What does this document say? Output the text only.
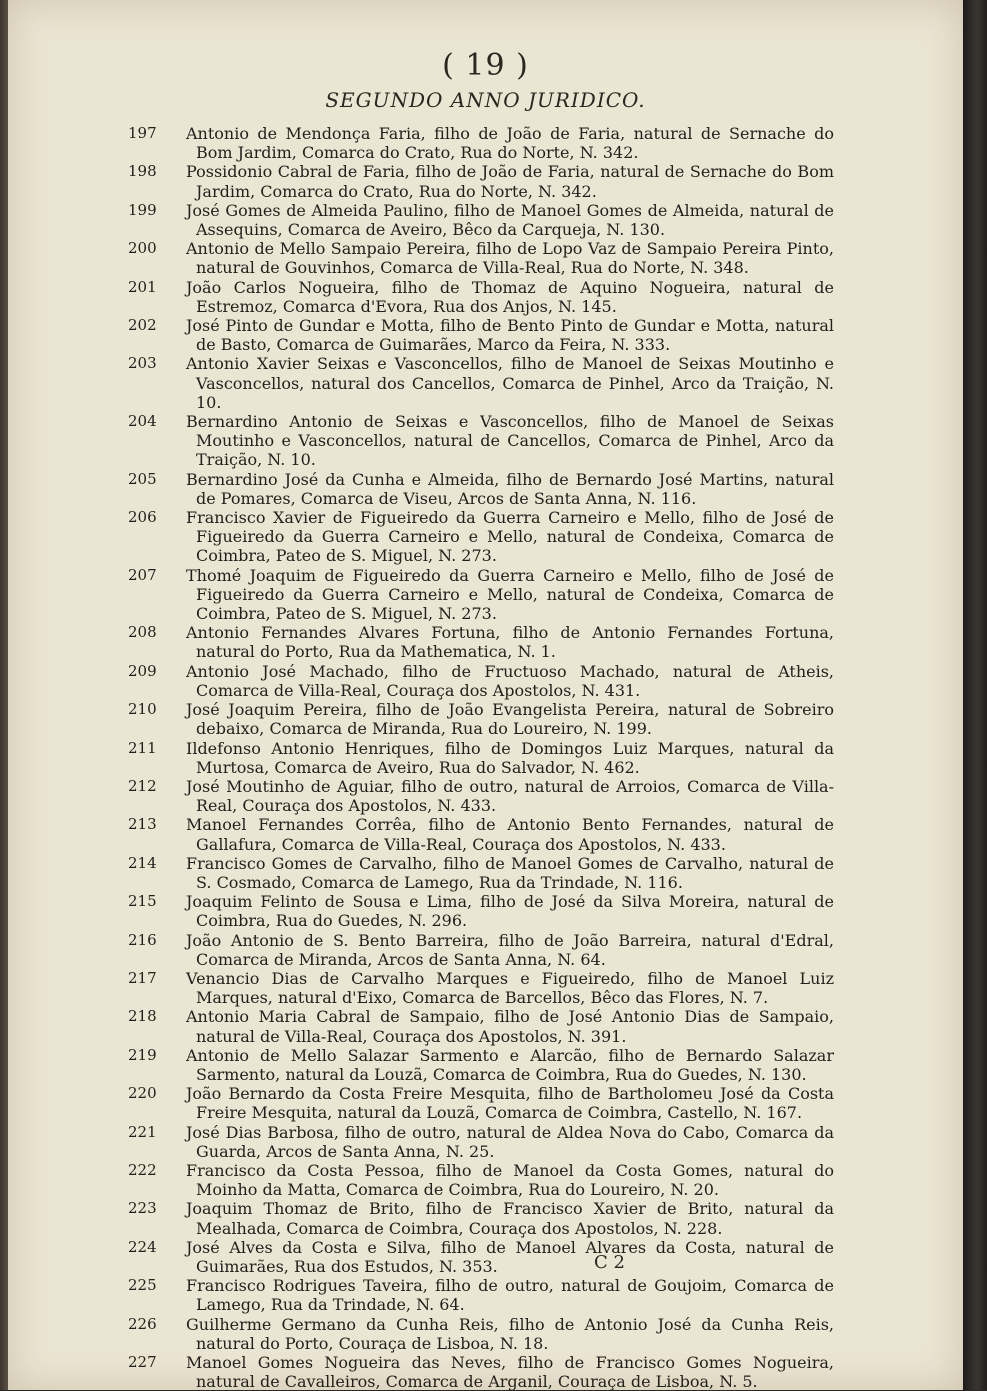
( 19 )
SEGUNDO ANNO JURIDICO.
197	Antonio de Mendonça Faria, filho de João de Faria, natural de Sernache do Bom Jardim, Comarca do Crato, Rua do Norte, N. 342.
198	Possidonio Cabral de Faria, filho de João de Faria, natural de Sernache do Bom Jardim, Comarca do Crato, Rua do Norte, N. 342.
199	José Gomes de Almeida Paulino, filho de Manoel Gomes de Almeida, natural de Assequins, Comarca de Aveiro, Bêco da Carqueja, N. 130.
200	Antonio de Mello Sampaio Pereira, filho de Lopo Vaz de Sampaio Pereira Pinto, natural de Gouvinhos, Comarca de Villa-Real, Rua do Norte, N. 348.
201	João Carlos Nogueira, filho de Thomaz de Aquino Nogueira, natural de Estremoz, Comarca d'Evora, Rua dos Anjos, N. 145.
202	José Pinto de Gundar e Motta, filho de Bento Pinto de Gundar e Motta, natural de Basto, Comarca de Guimarães, Marco da Feira, N. 333.
203	Antonio Xavier Seixas e Vasconcellos, filho de Manoel de Seixas Moutinho e Vasconcellos, natural dos Cancellos, Comarca de Pinhel, Arco da Traição, N. 10.
204	Bernardino Antonio de Seixas e Vasconcellos, filho de Manoel de Seixas Moutinho e Vasconcellos, natural de Cancellos, Comarca de Pinhel, Arco da Traição, N. 10.
205	Bernardino José da Cunha e Almeida, filho de Bernardo José Martins, natural de Pomares, Comarca de Viseu, Arcos de Santa Anna, N. 116.
206	Francisco Xavier de Figueiredo da Guerra Carneiro e Mello, filho de José de Figueiredo da Guerra Carneiro e Mello, natural de Condeixa, Comarca de Coimbra, Pateo de S. Miguel, N. 273.
207	Thomé Joaquim de Figueiredo da Guerra Carneiro e Mello, filho de José de Figueiredo da Guerra Carneiro e Mello, natural de Condeixa, Comarca de Coimbra, Pateo de S. Miguel, N. 273.
208	Antonio Fernandes Alvares Fortuna, filho de Antonio Fernandes Fortuna, natural do Porto, Rua da Mathematica, N. 1.
209	Antonio José Machado, filho de Fructuoso Machado, natural de Atheis, Comarca de Villa-Real, Couraça dos Apostolos, N. 431.
210	José Joaquim Pereira, filho de João Evangelista Pereira, natural de Sobreiro debaixo, Comarca de Miranda, Rua do Loureiro, N. 199.
211	Ildefonso Antonio Henriques, filho de Domingos Luiz Marques, natural da Murtosa, Comarca de Aveiro, Rua do Salvador, N. 462.
212	José Moutinho de Aguiar, filho de outro, natural de Arroios, Comarca de Villa-Real, Couraça dos Apostolos, N. 433.
213	Manoel Fernandes Corrêa, filho de Antonio Bento Fernandes, natural de Gallafura, Comarca de Villa-Real, Couraça dos Apostolos, N. 433.
214	Francisco Gomes de Carvalho, filho de Manoel Gomes de Carvalho, natural de S. Cosmado, Comarca de Lamego, Rua da Trindade, N. 116.
215	Joaquim Felinto de Sousa e Lima, filho de José da Silva Moreira, natural de Coimbra, Rua do Guedes, N. 296.
216	João Antonio de S. Bento Barreira, filho de João Barreira, natural d'Edral, Comarca de Miranda, Arcos de Santa Anna, N. 64.
217	Venancio Dias de Carvalho Marques e Figueiredo, filho de Manoel Luiz Marques, natural d'Eixo, Comarca de Barcellos, Bêco das Flores, N. 7.
218	Antonio Maria Cabral de Sampaio, filho de José Antonio Dias de Sampaio, natural de Villa-Real, Couraça dos Apostolos, N. 391.
219	Antonio de Mello Salazar Sarmento e Alarcão, filho de Bernardo Salazar Sarmento, natural da Louzã, Comarca de Coimbra, Rua do Guedes, N. 130.
220	João Bernardo da Costa Freire Mesquita, filho de Bartholomeu José da Costa Freire Mesquita, natural da Louzã, Comarca de Coimbra, Castello, N. 167.
221	José Dias Barbosa, filho de outro, natural de Aldea Nova do Cabo, Comarca da Guarda, Arcos de Santa Anna, N. 25.
222	Francisco da Costa Pessoa, filho de Manoel da Costa Gomes, natural do Moinho da Matta, Comarca de Coimbra, Rua do Loureiro, N. 20.
223	Joaquim Thomaz de Brito, filho de Francisco Xavier de Brito, natural da Mealhada, Comarca de Coimbra, Couraça dos Apostolos, N. 228.
224	José Alves da Costa e Silva, filho de Manoel Alvares da Costa, natural de Guimarães, Rua dos Estudos, N. 353.
225	Francisco Rodrigues Taveira, filho de outro, natural de Goujoim, Comarca de Lamego, Rua da Trindade, N. 64.
226	Guilherme Germano da Cunha Reis, filho de Antonio José da Cunha Reis, natural do Porto, Couraça de Lisboa, N. 18.
227	Manoel Gomes Nogueira das Neves, filho de Francisco Gomes Nogueira, natural de Cavalleiros, Comarca de Arganil, Couraça de Lisboa, N. 5.
C 2
